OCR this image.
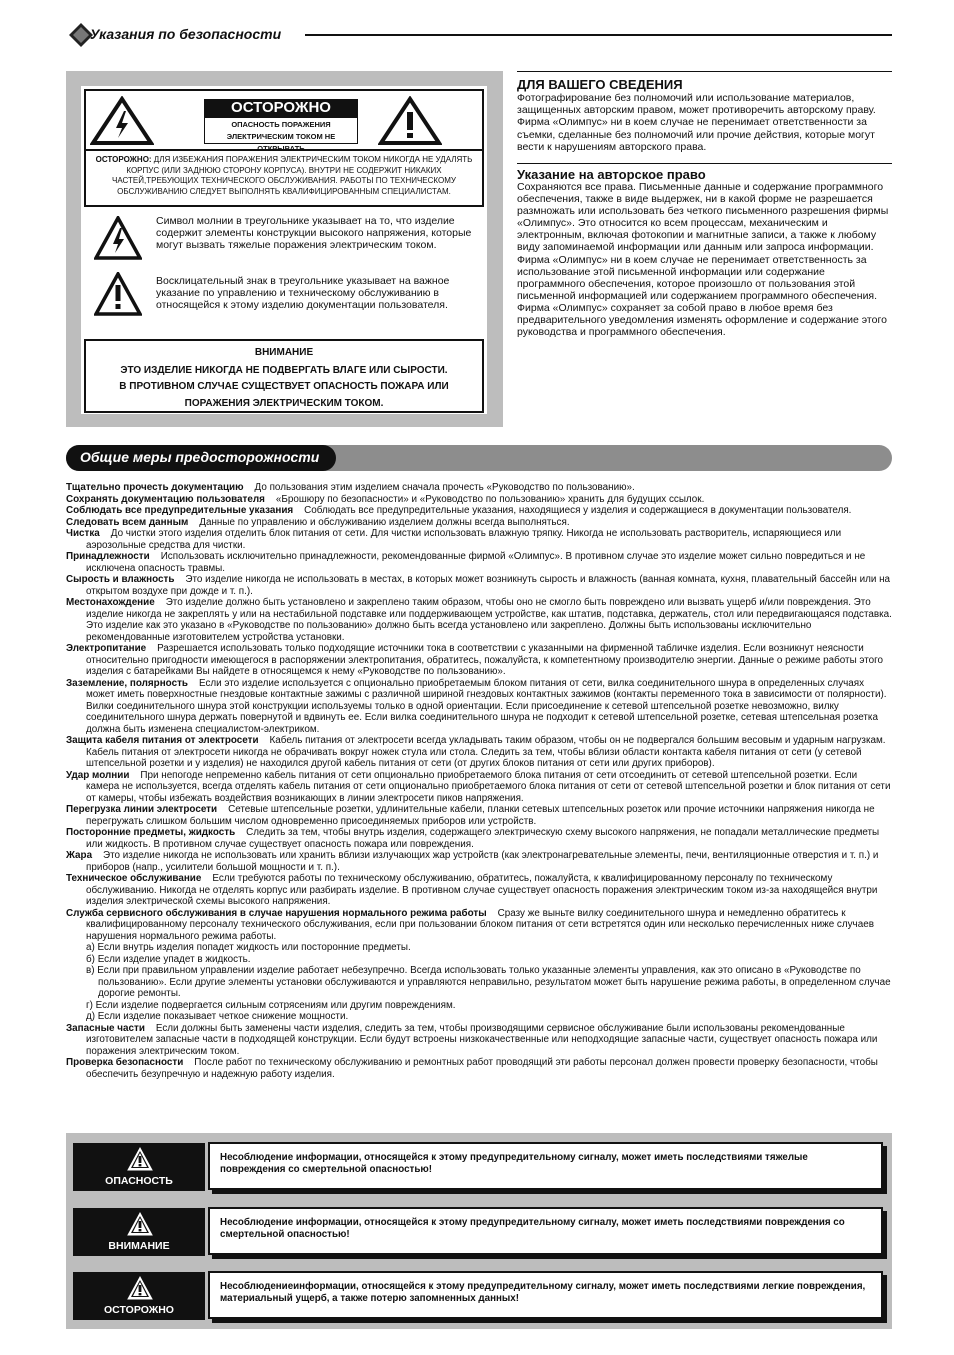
Указания по безопасности
ОСТОРОЖНО
ОПАСНОСТЬ ПОРАЖЕНИЯ
ЭЛЕКТРИЧЕСКИМ ТОКОМ НЕ ОТКРЫВАТЬ
ОСТОРОЖНО: ДЛЯ ИЗБЕЖАНИЯ ПОРАЖЕНИЯ ЭЛЕКТРИЧЕСКИМ ТОКОМ НИКОГДА НЕ УДАЛЯТЬ КОРПУС (ИЛИ ЗАДНЮЮ СТОРОНУ КОРПУСА). ВНУТРИ НЕ СОДЕРЖИТ НИКАКИХ ЧАСТЕЙ,ТРЕБУЮЩИХ ТЕХНИЧЕСКОГО ОБСЛУЖИВАНИЯ. РАБОТЫ ПО ТЕХНИЧЕСКОМУ ОБСЛУЖИВАНИЮ СЛЕДУЕТ ВЫПОЛНЯТЬ КВАЛИФИЦИРОВАННЫМ СПЕЦИАЛИСТАМ.
Символ молнии в треугольнике указывает на то, что изделие содержит элементы конструкции высокого напряжения, которые могут вызвать тяжелые поражения электрическим током.
Восклицательный знак в треугольнике указывает на важное указание по управлению и техническому обслуживанию в относящейся к этому изделию документации пользователя.
ВНИМАНИЕ
ЭТО ИЗДЕЛИЕ НИКОГДА НЕ ПОДВЕРГАТЬ ВЛАГЕ ИЛИ СЫРОСТИ.
В ПРОТИВНОМ СЛУЧАЕ СУЩЕСТВУЕТ ОПАСНОСТЬ ПОЖАРА ИЛИ
ПОРАЖЕНИЯ ЭЛЕКТРИЧЕСКИМ ТОКОМ.
ДЛЯ ВАШЕГО СВЕДЕНИЯ
Фотографирование без полномочий или использование материалов, защищенных авторским правом, может противоречить авторскому праву. Фирма «Олимпус» ни в коем случае не перенимает ответственности за съемки, сделанные без полномочий или прочие действия, которые могут вести к нарушениям авторского права.
Указание на авторское право
Сохраняются все права. Письменные данные и содержание программного обеспечения, также в виде выдержек, ни в какой форме не разрешается размножать или использовать без четкого письменного разрешения фирмы «Олимпус». Это относится ко всем процессам, механическим и электронным, включая фотокопии и магнитные записи, а также к любому виду запоминаемой информации или данным или запроса информации. Фирма «Олимпус» ни в коем случае не перенимает ответственность за использование этой письменной информации или содержание программного обеспечения, которое произошло от пользования этой письменной информацией или содержанием программного обеспечения. Фирма «Олимпус» сохраняет за собой право в любое время без предварительного уведомления изменять оформление и содержание этого руководства и программного обеспечения.
Общие меры предосторожности
Тщательно прочесть документацию До пользования этим изделием сначала прочесть «Руководство по пользованию».
Сохранять документацию пользователя «Брошюру по безопасности» и «Руководство по пользованию» хранить для будущих ссылок.
Соблюдать все предупредительные указания Соблюдать все предупредительные указания, находящиеся у изделия и содержащиеся в документации пользователя.
Следовать всем данным Данные по управлению и обслуживанию изделием должны всегда выполняться.
Чистка До чистки этого изделия отделить блок питания от сети. Для чистки использовать влажную тряпку. Никогда не использовать растворитель, испаряющиеся или аэрозольные средства для чистки.
Принадлежности Использовать исключительно принадлежности, рекомендованные фирмой «Олимпус». В противном случае это изделие может сильно повредиться и не исключена опасность травмы.
Сырость и влажность Это изделие никогда не использовать в местах, в которых может возникнуть сырость и влажность (ванная комната, кухня, плавательный бассейн или на открытом воздухе при дожде и т. п.).
Местонахождение Это изделие должно быть установлено и закреплено таким образом, чтобы оно не смогло быть повреждено или вызвать ущерб и/или повреждения. Это изделие никогда не закреплять у или на нестабильной подставке или поддерживающем устройстве, как штатив, подставка, держатель, стол или передвигающаяся подставка. Это изделие как это указано в «Руководстве по пользованию» должно быть всегда установлено или закреплено. Должны быть использованы исключительно рекомендованные изготовителем устройства установки.
Электропитание Разрешается использовать только подходящие источники тока в соответствии с указанными на фирменной табличке изделия. Если возникнут неясности относительно пригодности имеющегося в распоряжении электропитания, обратитесь, пожалуйста, к компетентному производителю энергии. Данные о режиме работы этого изделия с батарейками Вы найдете в относящемся к нему «Руководстве по пользованию».
Заземление, полярность Если это изделие используется с опционально приобретаемым блоком питания от сети, вилка соединительного шнура в определенных случаях может иметь поверхностные гнездовые контактные зажимы с различной шириной гнездовых контактных зажимов (контакты переменного тока в зависимости от полярности). Вилки соединительного шнура этой конструкции используемы только в одной ориентации. Если присоединение к сетевой штепсельной розетке невозможно, вилку соединительного шнура держать повернутой и вдвинуть ее. Если вилка соединительного шнура не подходит к сетевой штепсельной розетке, сетевая штепсельная розетка должна быть изменена специалистом-электриком.
Защита кабеля питания от электросети Кабель питания от электросети всегда укладывать таким образом, чтобы он не подвергался большим весовым и ударным нагрузкам. Кабель питания от электросети никогда не обрачивать вокруг ножек стула или стола. Следить за тем, чтобы вблизи области контакта кабеля питания от сети (у сетевой штепсельной розетки и у изделия) не находился другой кабель питания от сети (от других блоков питания от сети или других приборов).
Удар молнии При непогоде непременно кабель питания от сети опционально приобретаемого блока питания от сети отсоединить от сетевой штепсельной розетки. Если камера не используется, всегда отделять кабель питания от сети опционально приобретаемого блока питания от сети от сетевой штепсельной розетки и блок питания от сети от камеры, чтобы избежать воздействия возникающих в линии электросети пиков напряжения.
Перегрузка линии электросети Сетевые штепсельные розетки, удлинительные кабели, планки сетевых штепсельных розеток или прочие источники напряжения никогда не перегружать слишком большим числом одновременно присоединяемых приборов или устройств.
Посторонние предметы, жидкость Следить за тем, чтобы внутрь изделия, содержащего электрическую схему высокого напряжения, не попадали металлические предметы или жидкость. В противном случае существует опасность пожара или повреждения.
Жара Это изделие никогда не использовать или хранить вблизи излучающих жар устройств (как электронагревательные элементы, печи, вентиляционные отверстия и т. п.) и приборов (напр., усилители большой мощности и т. п.).
Техническое обслуживание Если требуются работы по техническому обслуживанию, обратитесь, пожалуйста, к квалифицированному персоналу по техническому обслуживанию. Никогда не отделять корпус или разбирать изделие. В противном случае существует опасность поражения электрическим током из-за находящейся внутри изделия электрической схемы высокого напряжения.
Служба сервисного обслуживания в случае нарушения нормального режима работы Сразу же выньте вилку соединительного шнура и немедленно обратитесь к квалифицированному персоналу технического обслуживания, если при пользовании блоком питания от сети встретятся один или несколько перечисленных ниже случаев нарушения нормального режима работы.
а) Если внутрь изделия попадет жидкость или посторонние предметы.
б) Если изделие упадет в жидкость.
в) Если при правильном управлении изделие работает небезупречно. Всегда использовать только указанные элементы управления, как это описано в «Руководстве по пользованию». Если другие элементы установки обслуживаются и управляются неправильно, результатом может быть нарушение режима работы, в определенном случае дорогие ремонты.
г) Если изделие подвергается сильным сотрясениям или другим повреждениям.
д) Если изделие показывает четкое снижение мощности.
Запасные части Если должны быть заменены части изделия, следить за тем, чтобы производящими сервисное обслуживание были использованы рекомендованные изготовителем запасные части в подходящей конструкции. Если будут встроены низкокачественные или неподходящие запасные части, существует опасность пожара или поражения электрическим током.
Проверка безопасности После работ по техническому обслуживанию и ремонтных работ проводящий эти работы персонал должен провести проверку безопасности, чтобы обеспечить безупречную и надежную работу изделия.
ОПАСНОСТЬ
Несоблюдение информации, относящейся к этому предупредительному сигналу, может иметь последствиями тяжелые повреждения со смертельной опасностью!
ВНИМАНИЕ
Несоблюдение информации, относящейся к этому предупредительному сигналу, может иметь последствиями повреждения со смертельной опасностью!
ОСТОРОЖНО
Несоблюдениеинформации, относящейся к этому предупредительному сигналу, может иметь последствиями легкие повреждения, материальный ущерб, а также потерю запомненных данных!
